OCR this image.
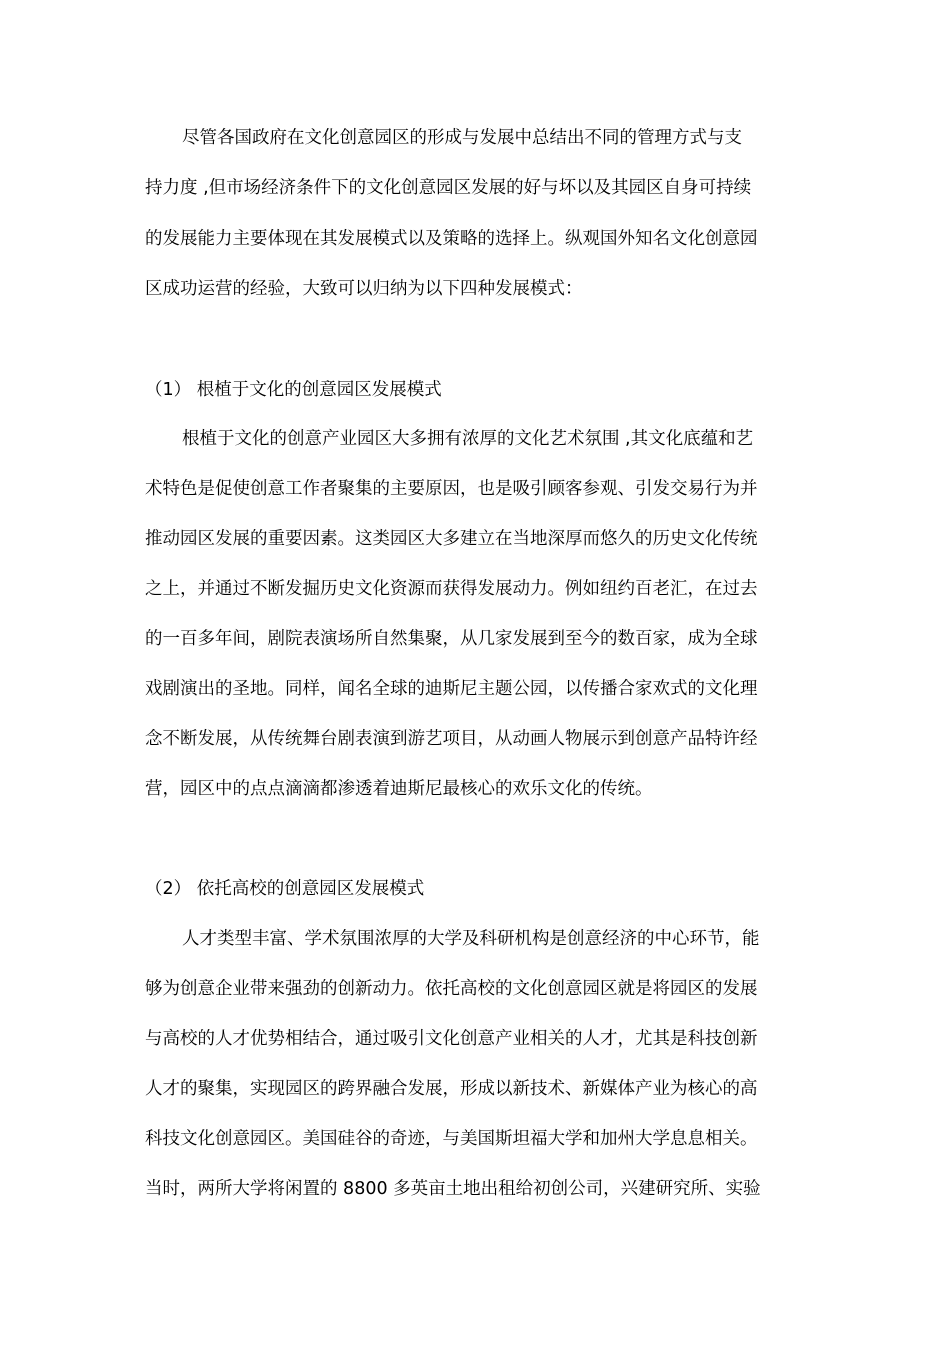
尽管各国政府在文化创意园区的形成与发展中总结出不同的管理方式与支
持力度 ,但市场经济条件下的文化创意园区发展的好与坏以及其园区自身可持续
的发展能力主要体现在其发展模式以及策略的选择上。纵观国外知名文化创意园
区成功运营的经验，大致可以归纳为以下四种发展模式：
（1） 根植于文化的创意园区发展模式
根植于文化的创意产业园区大多拥有浓厚的文化艺术氛围 ,其文化底蕴和艺
术特色是促使创意工作者聚集的主要原因，也是吸引顾客参观、引发交易行为并
推动园区发展的重要因素。这类园区大多建立在当地深厚而悠久的历史文化传统
之上，并通过不断发掘历史文化资源而获得发展动力。例如纽约百老汇，在过去
的一百多年间，剧院表演场所自然集聚，从几家发展到至今的数百家，成为全球
戏剧演出的圣地。同样，闻名全球的迪斯尼主题公园，以传播合家欢式的文化理
念不断发展，从传统舞台剧表演到游艺项目，从动画人物展示到创意产品特许经
营，园区中的点点滴滴都渗透着迪斯尼最核心的欢乐文化的传统。
（2） 依托高校的创意园区发展模式
人才类型丰富、学术氛围浓厚的大学及科研机构是创意经济的中心环节，能
够为创意企业带来强劲的创新动力。依托高校的文化创意园区就是将园区的发展
与高校的人才优势相结合，通过吸引文化创意产业相关的人才，尤其是科技创新
人才的聚集，实现园区的跨界融合发展，形成以新技术、新媒体产业为核心的高
科技文化创意园区。美国硅谷的奇迹，与美国斯坦福大学和加州大学息息相关。
当时，两所大学将闲置的 8800 多英亩土地出租给初创公司，兴建研究所、实验
